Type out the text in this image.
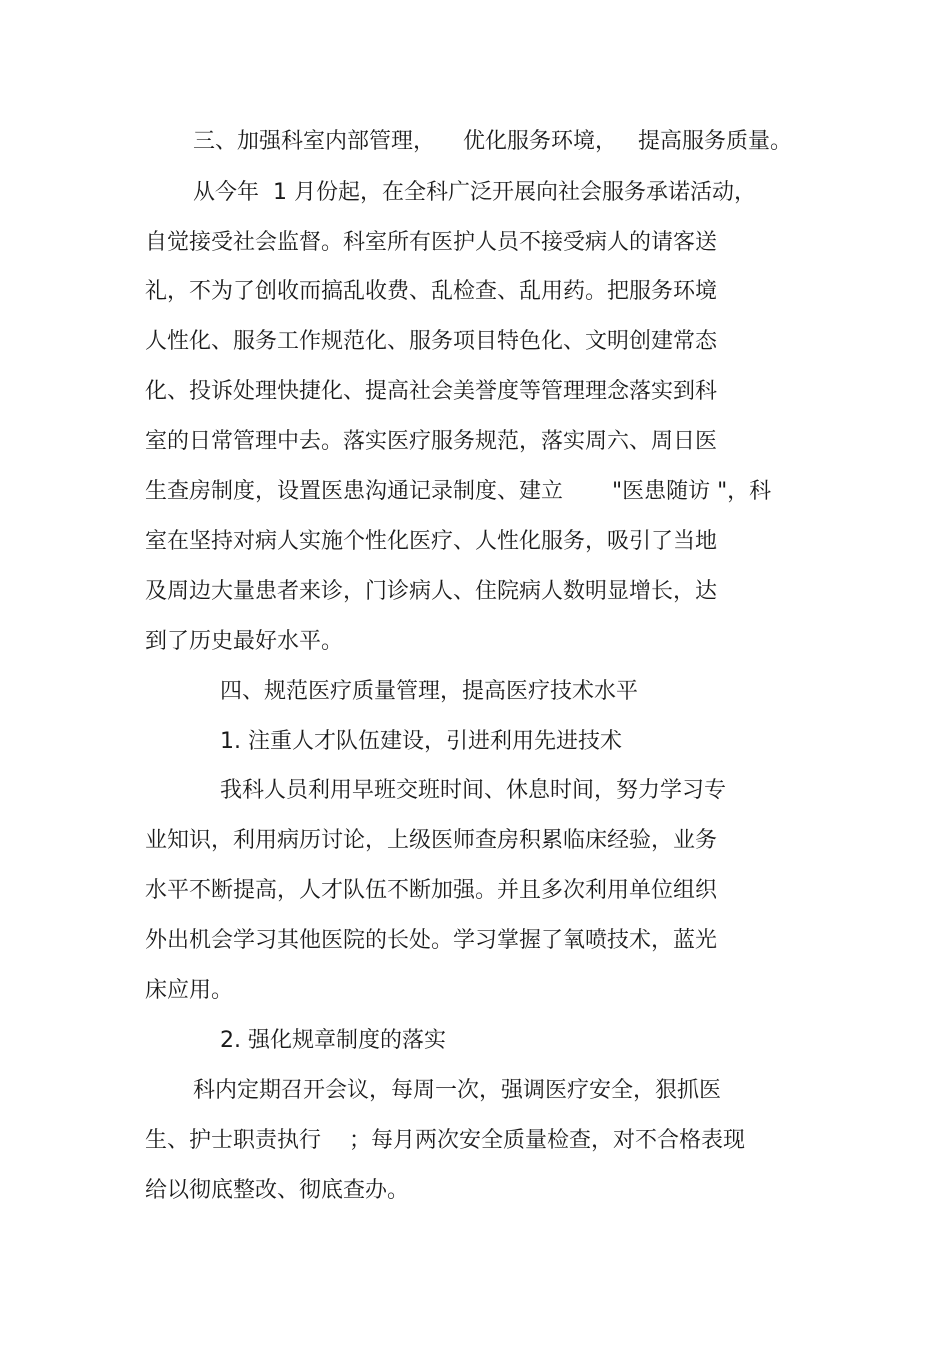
三、加强科室内部管理，    优化服务环境，   提高服务质量。

从今年  1 月份起，在全科广泛开展向社会服务承诺活动，

自觉接受社会监督。科室所有医护人员不接受病人的请客送

礼，不为了创收而搞乱收费、乱检查、乱用药。把服务环境

人性化、服务工作规范化、服务项目特色化、文明创建常态

化、投诉处理快捷化、提高社会美誉度等管理理念落实到科

室的日常管理中去。落实医疗服务规范，落实周六、周日医

生查房制度，设置医患沟通记录制度、建立       "医患随访 "，科

室在坚持对病人实施个性化医疗、人性化服务，吸引了当地

及周边大量患者来诊，门诊病人、住院病人数明显增长，达

到了历史最好水平。

四、规范医疗质量管理，提高医疗技术水平

1. 注重人才队伍建设，引进利用先进技术

我科人员利用早班交班时间、休息时间，努力学习专

业知识，利用病历讨论，上级医师查房积累临床经验，业务

水平不断提高，人才队伍不断加强。并且多次利用单位组织

外出机会学习其他医院的长处。学习掌握了氧喷技术，蓝光

床应用。

2. 强化规章制度的落实

科内定期召开会议，每周一次，强调医疗安全，狠抓医

生、护士职责执行    ；每月两次安全质量检查，对不合格表现

给以彻底整改、彻底查办。
